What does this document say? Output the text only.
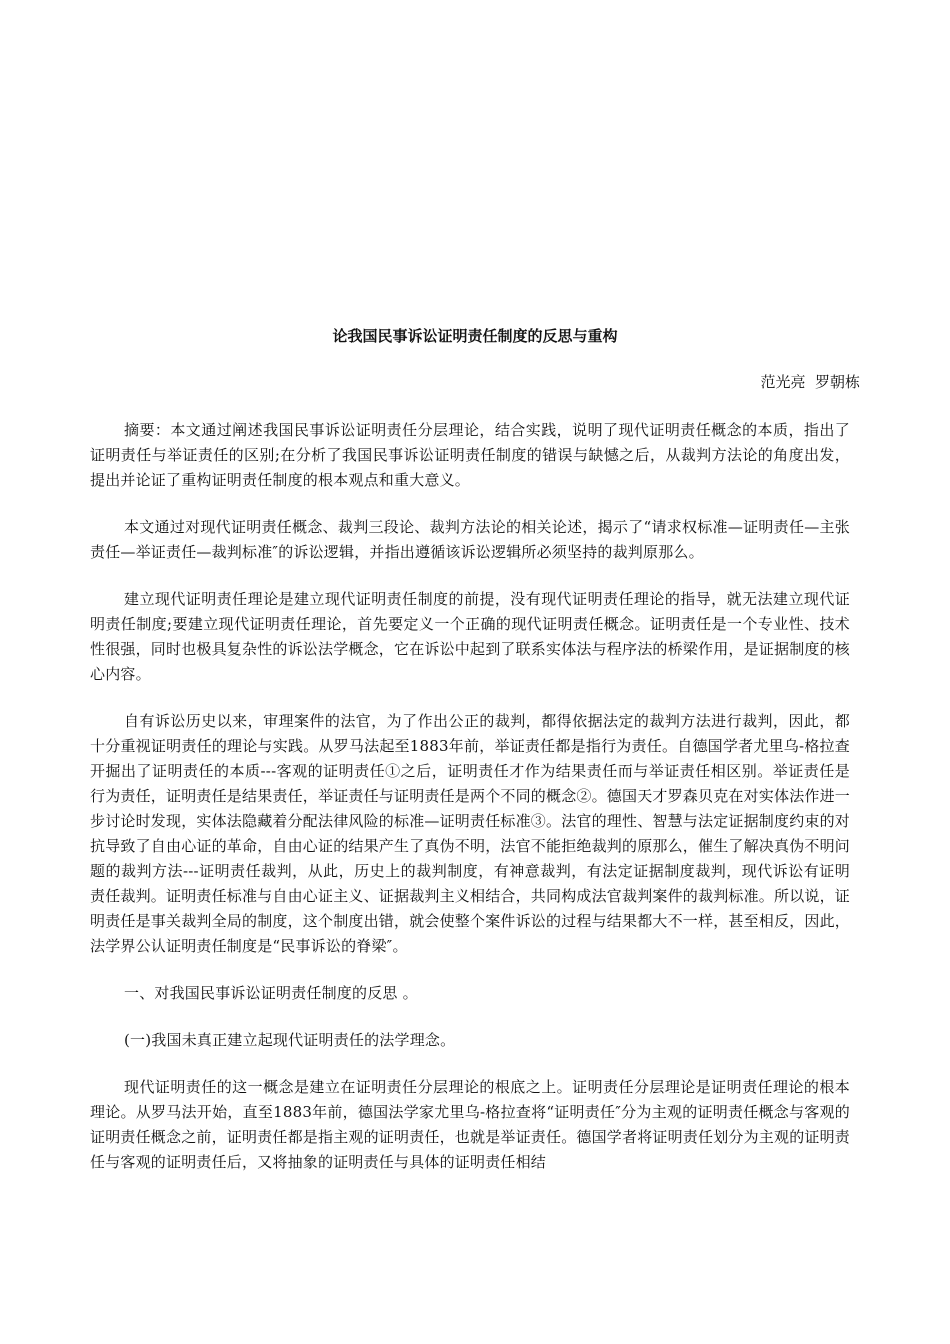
论我国民事诉讼证明责任制度的反思与重构
范光亮  罗朝栋

摘要：本文通过阐述我国民事诉讼证明责任分层理论，结合实践，说明了现代证明责任概念的本质，指出了证明责任与举证责任的区别;在分析了我国民事诉讼证明责任制度的错误与缺憾之后，从裁判方法论的角度出发，提出并论证了重构证明责任制度的根本观点和重大意义。

本文通过对现代证明责任概念、裁判三段论、裁判方法论的相关论述，揭示了“请求权标准—证明责任—主张责任—举证责任—裁判标准″的诉讼逻辑，并指出遵循该诉讼逻辑所必须坚持的裁判原那么。

建立现代证明责任理论是建立现代证明责任制度的前提，没有现代证明责任理论的指导，就无法建立现代证明责任制度;要建立现代证明责任理论，首先要定义一个正确的现代证明责任概念。证明责任是一个专业性、技术性很强，同时也极具复杂性的诉讼法学概念，它在诉讼中起到了联系实体法与程序法的桥梁作用，是证据制度的核心内容。

自有诉讼历史以来，审理案件的法官，为了作出公正的裁判，都得依据法定的裁判方法进行裁判，因此，都十分重视证明责任的理论与实践。从罗马法起至1883年前，举证责任都是指行为责任。自德国学者尤里乌-格拉查开掘出了证明责任的本质---客观的证明责任①之后，证明责任才作为结果责任而与举证责任相区别。举证责任是行为责任，证明责任是结果责任，举证责任与证明责任是两个不同的概念②。德国天才罗森贝克在对实体法作进一步讨论时发现，实体法隐藏着分配法律风险的标准—证明责任标准③。法官的理性、智慧与法定证据制度约束的对抗导致了自由心证的革命，自由心证的结果产生了真伪不明，法官不能拒绝裁判的原那么，催生了解决真伪不明问题的裁判方法---证明责任裁判，从此，历史上的裁判制度，有神意裁判，有法定证据制度裁判，现代诉讼有证明责任裁判。证明责任标准与自由心证主义、证据裁判主义相结合，共同构成法官裁判案件的裁判标准。所以说，证明责任是事关裁判全局的制度，这个制度出错，就会使整个案件诉讼的过程与结果都大不一样，甚至相反，因此，法学界公认证明责任制度是“民事诉讼的脊梁″。

一、对我国民事诉讼证明责任制度的反思 。

(一)我国未真正建立起现代证明责任的法学理念。

现代证明责任的这一概念是建立在证明责任分层理论的根底之上。证明责任分层理论是证明责任理论的根本理论。从罗马法开始，直至1883年前，德国法学家尤里乌-格拉查将“证明责任″分为主观的证明责任概念与客观的证明责任概念之前，证明责任都是指主观的证明责任，也就是举证责任。德国学者将证明责任划分为主观的证明责任与客观的证明责任后，又将抽象的证明责任与具体的证明责任相结
